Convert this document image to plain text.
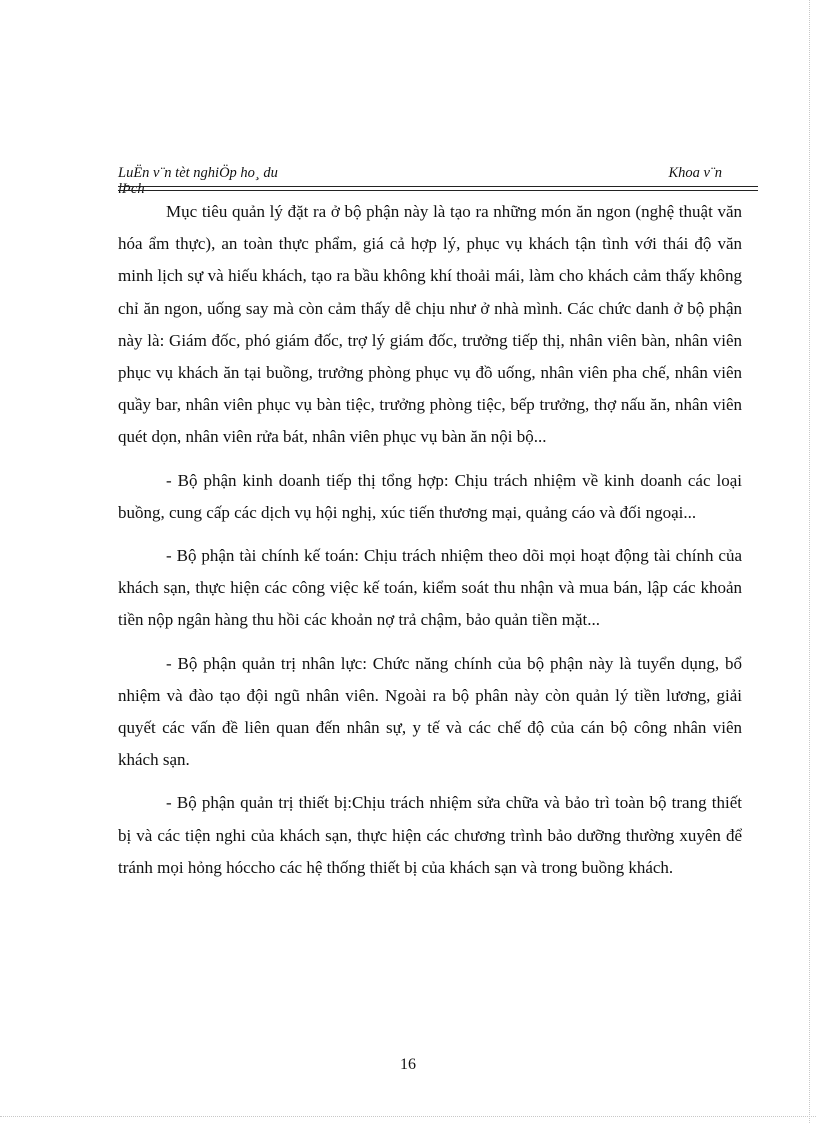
LuËn v¨n tèt nghiÖp ho¸ du lÞch
Khoa v¨n

Mục tiêu quản lý đặt ra ở bộ phận này là tạo ra những món ăn ngon (nghệ thuật văn hóa ẩm thực), an toàn thực phẩm, giá cả hợp lý, phục vụ khách tận tình với thái độ văn minh lịch sự và hiếu khách, tạo ra bầu không khí thoải mái, làm cho khách cảm thấy không chỉ ăn ngon, uống say mà còn cảm thấy dễ chịu như ở nhà mình. Các chức danh ở bộ phận này là: Giám đốc, phó giám đốc, trợ lý giám đốc, trưởng tiếp thị, nhân viên bàn, nhân viên phục vụ khách ăn tại buồng, trưởng phòng phục vụ đồ uống, nhân viên pha chế, nhân viên quầy bar, nhân viên phục vụ bàn tiệc, trưởng phòng tiệc, bếp trưởng, thợ nấu ăn, nhân viên quét dọn, nhân viên rửa bát, nhân viên phục vụ bàn ăn nội bộ...

- Bộ phận kinh doanh tiếp thị tổng hợp: Chịu trách nhiệm về kinh doanh các loại buồng, cung cấp các dịch vụ hội nghị, xúc tiến thương mại, quảng cáo và đối ngoại...

- Bộ phận tài chính kế toán: Chịu trách nhiệm theo dõi mọi hoạt động tài chính của khách sạn, thực hiện các công việc kế toán, kiểm soát thu nhận và mua bán, lập các khoản tiền nộp ngân hàng thu hồi các khoản nợ trả chậm, bảo quản tiền mặt...

- Bộ phận quản trị nhân lực: Chức năng chính của bộ phận này là tuyển dụng, bổ nhiệm và đào tạo đội ngũ nhân viên. Ngoài ra bộ phân này còn quản lý tiền lương, giải quyết các vấn đề liên quan đến nhân sự, y tế và các chế độ của cán bộ công nhân viên khách sạn.

- Bộ phận quản trị thiết bị:Chịu trách nhiệm sửa chữa và bảo trì toàn bộ trang thiết bị và các tiện nghi của khách sạn, thực hiện các chương trình bảo dưỡng thường xuyên để tránh mọi hỏng hóccho các hệ thống thiết bị của khách sạn và trong buồng khách.

16
